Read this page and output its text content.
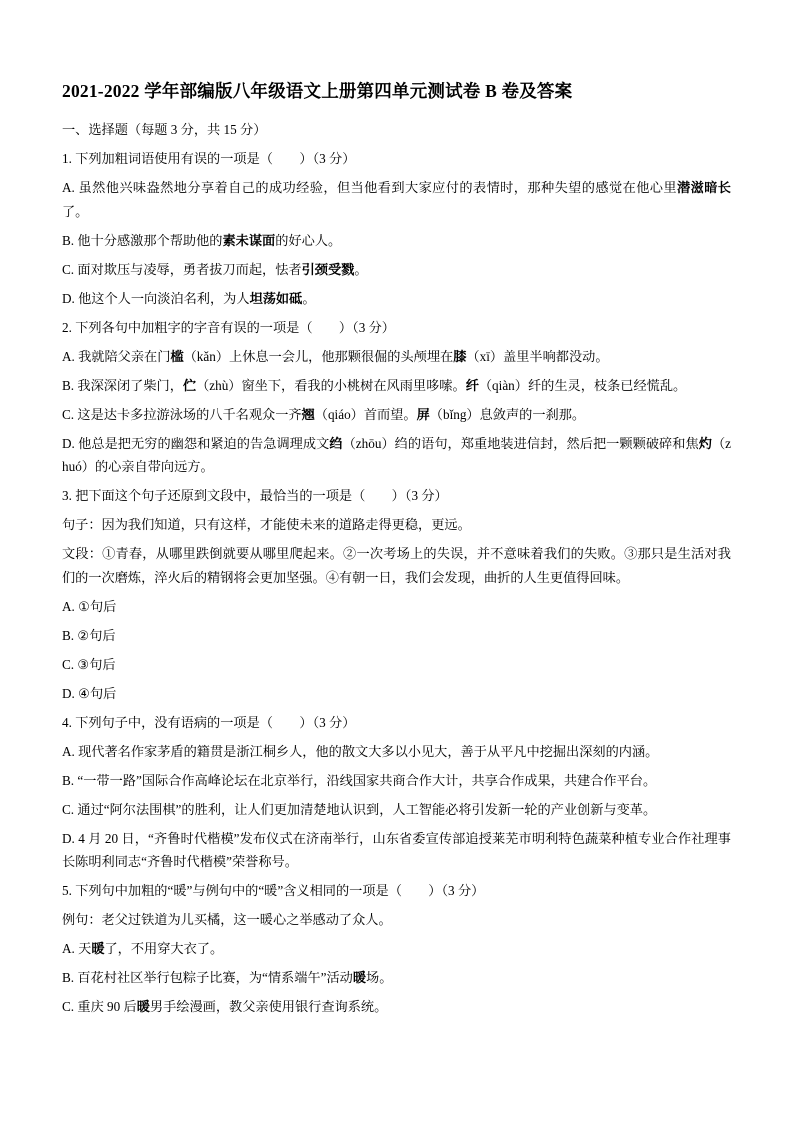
2021-2022 学年部编版八年级语文上册第四单元测试卷 B 卷及答案

一、选择题（每题 3 分，共 15 分）

1. 下列加粗词语使用有误的一项是（　　）（3 分）

A. 虽然他兴味盎然地分享着自己的成功经验，但当他看到大家应付的表情时，那种失望的感觉在他心里潜滋暗长了。

B. 他十分感激那个帮助他的素未谋面的好心人。

C. 面对欺压与凌辱，勇者拔刀而起，怯者引颈受戮。

D. 他这个人一向淡泊名利，为人坦荡如砥。

2. 下列各句中加粗字的字音有误的一项是（　　）（3 分）

A. 我就陪父亲在门槛（kǎn）上休息一会儿，他那颗很倔的头颅埋在膝（xī）盖里半响都没动。

B. 我深深闭了柴门，伫（zhù）窗坐下，看我的小桃树在风雨里哆嗦。纤（qiàn）纤的生灵，枝条已经慌乱。

C. 这是达卡多拉游泳场的八千名观众一齐翘（qiáo）首而望。屏（bǐng）息敛声的一刹那。

D. 他总是把无穷的幽怨和紧迫的告急调理成文绉（zhōu）绉的语句，郑重地装进信封，然后把一颗颗破碎和焦灼（zhuó）的心亲自带向远方。

3. 把下面这个句子还原到文段中，最恰当的一项是（　　）（3 分）

句子：因为我们知道，只有这样，才能使未来的道路走得更稳，更远。

文段：①青春，从哪里跌倒就要从哪里爬起来。②一次考场上的失误，并不意味着我们的失败。③那只是生活对我们的一次磨炼，淬火后的精钢将会更加坚强。④有朝一日，我们会发现，曲折的人生更值得回味。

A. ①句后

B. ②句后

C. ③句后

D. ④句后

4. 下列句子中，没有语病的一项是（　　）（3 分）

A. 现代著名作家茅盾的籍贯是浙江桐乡人，他的散文大多以小见大，善于从平凡中挖掘出深刻的内涵。

B. “一带一路”国际合作高峰论坛在北京举行，沿线国家共商合作大计，共享合作成果，共建合作平台。

C. 通过“阿尔法围棋”的胜利，让人们更加清楚地认识到，人工智能必将引发新一轮的产业创新与变革。

D. 4 月 20 日，“齐鲁时代楷模”发布仪式在济南举行，山东省委宣传部追授莱芜市明利特色蔬菜种植专业合作社理事长陈明利同志“齐鲁时代楷模”荣誉称号。

5. 下列句中加粗的“暖”与例句中的“暖”含义相同的一项是（　　）（3 分）

例句：老父过铁道为儿买橘，这一暖心之举感动了众人。

A. 天暖了，不用穿大衣了。

B. 百花村社区举行包粽子比赛，为“情系端午”活动暖场。

C. 重庆 90 后暖男手绘漫画，教父亲使用银行查询系统。
